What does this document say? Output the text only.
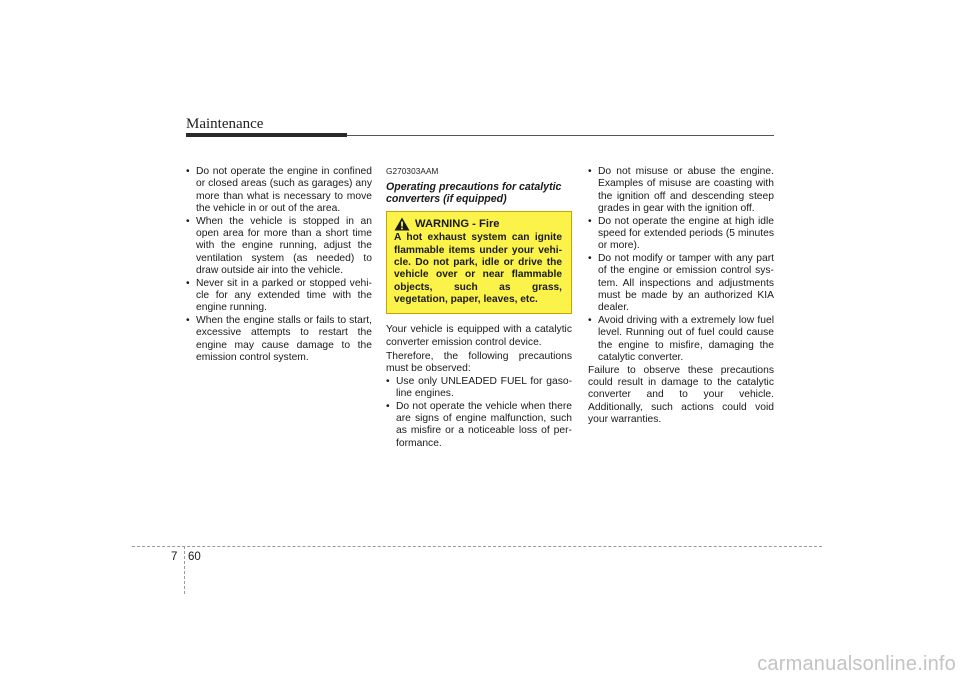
Maintenance
• Do not operate the engine in confined or closed areas (such as garages) any more than what is necessary to move the vehicle in or out of the area.
• When the vehicle is stopped in an open area for more than a short time with the engine running, adjust the ventilation system (as needed) to draw outside air into the vehicle.
• Never sit in a parked or stopped vehi-cle for any extended time with the engine running.
• When the engine stalls or fails to start, excessive attempts to restart the engine may cause damage to the emission control system.
G270303AAM
Operating precautions for catalytic converters (if equipped)
WARNING - Fire

A hot exhaust system can ignite flammable items under your vehi-cle. Do not park, idle or drive the vehicle over or near flammable objects, such as grass, vegetation, paper, leaves, etc.

Your vehicle is equipped with a catalytic converter emission control device.

Therefore, the following precautions must be observed:

• Use only UNLEADED FUEL for gaso-line engines.
• Do not operate the vehicle when there are signs of engine malfunction, such as misfire or a noticeable loss of per-formance.
• Do not misuse or abuse the engine. Examples of misuse are coasting with the ignition off and descending steep grades in gear with the ignition off.
• Do not operate the engine at high idle speed for extended periods (5 minutes or more).
• Do not modify or tamper with any part of the engine or emission control sys-tem. All inspections and adjustments must be made by an authorized KIA dealer.
• Avoid driving with a extremely low fuel level. Running out of fuel could cause the engine to misfire, damaging the catalytic converter.

Failure to observe these precautions could result in damage to the catalytic converter and to your vehicle. Additionally, such actions could void your warranties.

7 60
carmanualsonline.info
